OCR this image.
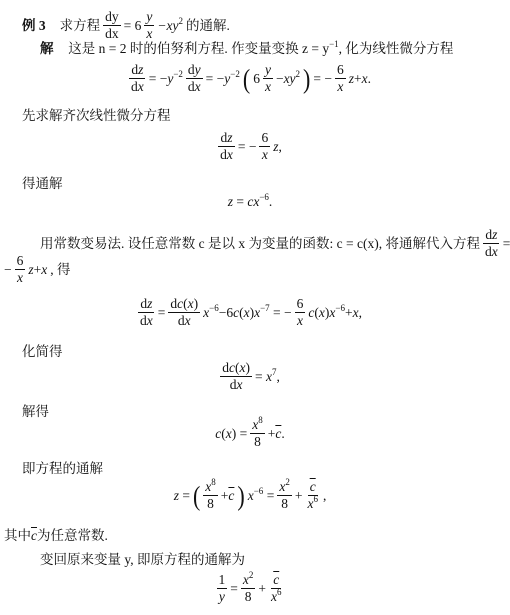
例 3 求方程 $\frac{dy}{dx} = 6 \frac{y}{x} -xy^2$ 的通解.
解 这是 n = 2 时的伯努利方程. 作变量变换 $z = y^{-1}$, 化为线性微分方程
$\frac{dz}{dx} = -y^{-2} \frac{dy}{dx} = -y^{-2}$ ( $6 \frac{y}{x} -xy^2$ ) = − $\frac{6}{x} z+x$.
先求解齐次线性微分方程
$\frac{dz}{dx}$ = − $\frac{6}{x} z$,
得通解
$z = cx^{-6}$.
用常数变易法. 设任意常数 c 是以 x 为变量的函数: c = c(x), 将通解代入方程 $\frac{dz}{dx}$ =
− $\frac{6}{x} z+x$ , 得
$\frac{dz}{dx} = \frac{dc(x)}{dx} x^{-6}-6c(x)x^{-7}$ = − $\frac{6}{x} c(x)x^{-6}+x$,
化简得
$\frac{dc(x)}{dx} = x^7$,
解得
$c(x) = \frac{x^8}{8} +\overline{c}$.
即方程的通解
z = ( $\frac{x^8}{8} +\overline{c}$ ) $x^{-6} = \frac{x^2}{8} + \frac{\overline{c}}{x^6}$ ,
其中$\overline{c}$为任意常数.
变回原来变量 y, 即原方程的通解为
$\frac{1}{y} = \frac{x^2}{8} + \frac{\overline{c}}{x^6}$
